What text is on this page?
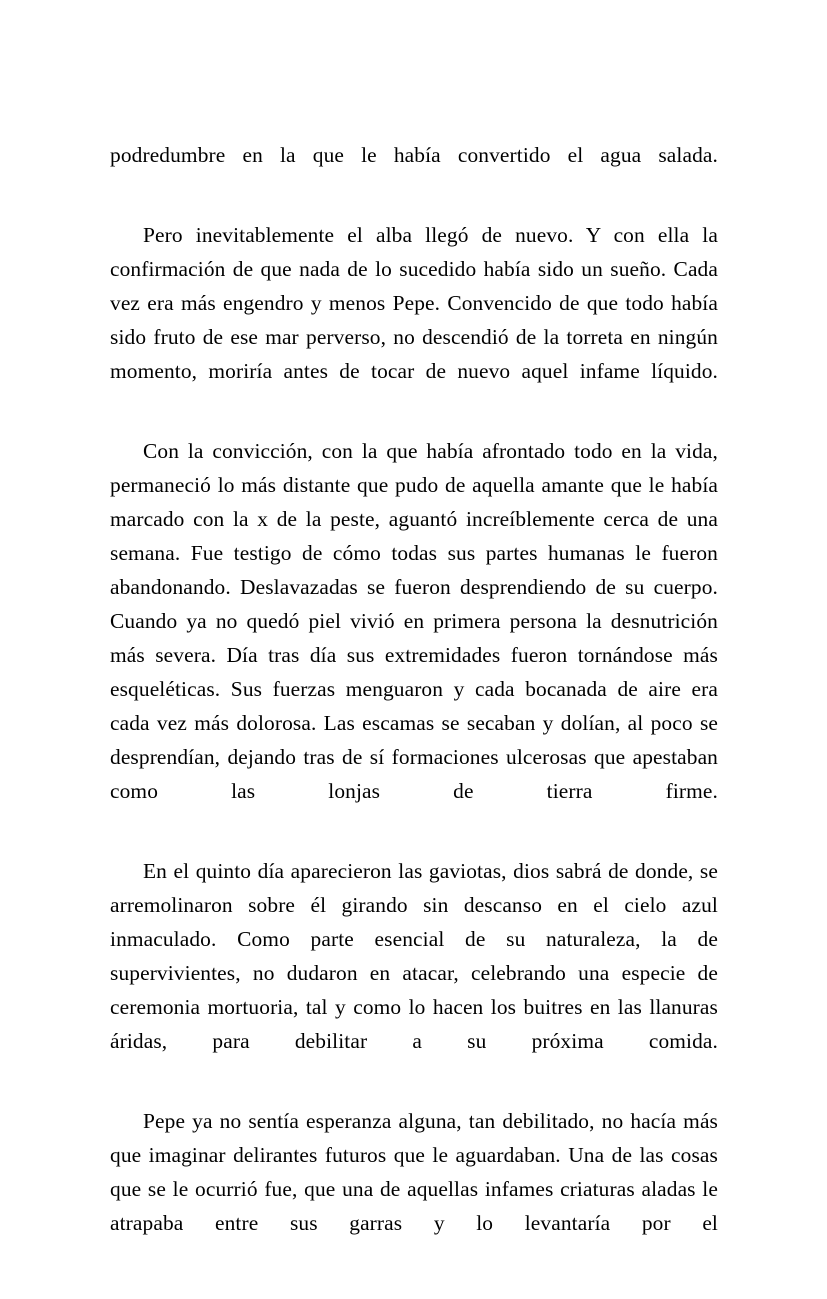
podredumbre en la que le había convertido el agua salada.

Pero inevitablemente el alba llegó de nuevo. Y con ella la confirmación de que nada de lo sucedido había sido un sueño. Cada vez era más engendro y menos Pepe. Convencido de que todo había sido fruto de ese mar perverso, no descendió de la torreta en ningún momento, moriría antes de tocar de nuevo aquel infame líquido.

Con la convicción, con la que había afrontado todo en la vida, permaneció lo más distante que pudo de aquella amante que le había marcado con la x de la peste, aguantó increíblemente cerca de una semana. Fue testigo de cómo todas sus partes humanas le fueron abandonando. Deslavazadas se fueron desprendiendo de su cuerpo. Cuando ya no quedó piel vivió en primera persona la desnutrición más severa. Día tras día sus extremidades fueron tornándose más esqueléticas. Sus fuerzas menguaron y cada bocanada de aire era cada vez más dolorosa. Las escamas se secaban y dolían, al poco se desprendían, dejando tras de sí formaciones ulcerosas que apestaban como las lonjas de tierra firme.

En el quinto día aparecieron las gaviotas, dios sabrá de donde, se arremolinaron sobre él girando sin descanso en el cielo azul inmaculado. Como parte esencial de su naturaleza, la de supervivientes, no dudaron en atacar, celebrando una especie de ceremonia mortuoria, tal y como lo hacen los buitres en las llanuras áridas, para debilitar a su próxima comida.

Pepe ya no sentía esperanza alguna, tan debilitado, no hacía más que imaginar delirantes futuros que le aguardaban. Una de las cosas que se le ocurrió fue, que una de aquellas infames criaturas aladas le atrapaba entre sus garras y lo levantaría por el
